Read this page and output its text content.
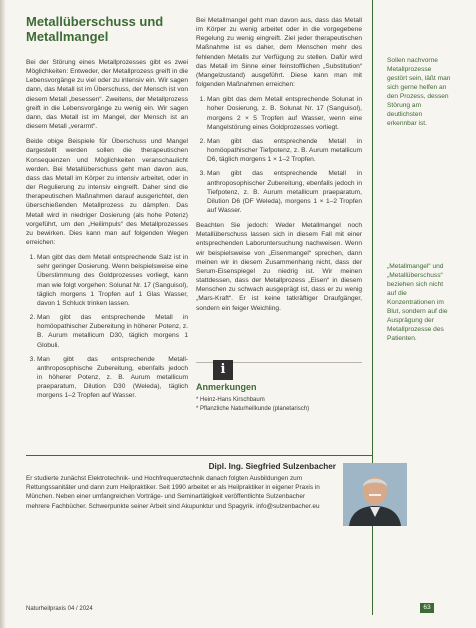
Metallüberschuss und Metallmangel

Bei der Störung eines Metallprozesses gibt es zwei Möglichkeiten: Entweder, der Metallprozess greift in die Lebensvorgänge zu viel oder zu intensiv ein. Wir sagen dann, das Metall ist im Überschuss, der Mensch ist von diesem Metall „besessen“. Zweitens, der Metallprozess greift in die Lebensvorgänge zu wenig ein. Wir sagen dann, das Metall ist im Mangel, der Mensch ist an diesem Metall „verarmt“.

Beide obige Beispiele für Überschuss und Mangel dargestellt werden sollen die therapeutischen Konsequenzen und Möglichkeiten veranschaulicht werden. Bei Metallüberschuss geht man davon aus, dass das Metall im Körper zu intensiv arbeitet, oder in der Regulierung zu intensiv eingreift. Daher sind die therapeutischen Maßnahmen darauf ausgerichtet, den überschießenden Metallprozess zu dämpfen. Das Metall wird in niedriger Dosierung (als hohe Potenz) vorgeführt, um den „Heilimpuls“ des Metallprozesses zu bewirken. Dies kann man auf folgenden Wegen erreichen:

1. Man gibt das dem Metall entsprechende Salz ist in sehr geringer Dosierung. Wenn beispielsweise eine Überstimmung des Goldprozesses vorliegt, kann man wie folgt vorgehen: Solunat Nr. 17 (Sanguisol), täglich morgens 1 Tropfen auf 1 Glas Wasser, davon 1 Schluck trinken lassen.
2. Man gibt das entsprechende Metall in homöopathischer Zubereitung in höherer Potenz, z. B. Aurum metallicum D30, täglich morgens 1 Globuli.
3. Man gibt das entsprechende Metall-anthroposophische Zubereitung, ebenfalls jedoch in höherer Potenz, z. B. Aurum metallicum praeparatum, Dilution D30 (Weleda), täglich morgens 1–2 Tropfen auf Wasser.

Bei Metallmangel geht man davon aus, dass das Metall im Körper zu wenig arbeitet oder in die vorgegebene Regelung zu wenig eingreift. Ziel jeder therapeutischen Maßnahme ist es daher, dem Menschen mehr des fehlenden Metalls zur Verfügung zu stellen. Dafür wird das Metall im Sinne einer feinstofflichen „Substitution“ (Mangelzustand) ausgeführt. Diese kann man mit folgenden Maßnahmen erreichen:

1. Man gibt das dem Metall entsprechende Solunat in hoher Dosierung, z. B. Solunat Nr. 17 (Sanguisol), morgens 2 × 5 Tropfen auf Wasser, wenn eine Mangelstörung eines Goldprozesses vorliegt.
2. Man gibt das entsprechende Metall in homöopathischer Tiefpotenz, z. B. Aurum metallicum D6, täglich morgens 1 × 1–2 Tropfen.
3. Man gibt das entsprechende Metall in anthroposophischer Zubereitung, ebenfalls jedoch in Tiefpotenz, z. B. Aurum metallicum praeparatum, Dilution D6 (DF Weleda), morgens 1 × 1–2 Tropfen auf Wasser.

Beachten Sie jedoch: Weder Metallmangel noch Metallüberschuss lassen sich in diesem Fall mit einer entsprechenden Laboruntersuchung nachweisen. Wenn wir beispielsweise von „Eisenmangel“ sprechen, dann meinen wir in diesem Zusammenhang nicht, dass der Serum-Eisenspiegel zu niedrig ist. Wir meinen stattdessen, dass der Metallprozess „Eisen“ in diesem Menschen zu schwach ausgeprägt ist, dass er zu wenig „Mars-Kraft“. Er ist keine tatkräftiger Draufgänger, sondern ein feiger Weichling.

Sollen nachvorne Metallprozesse gestört sein, läßt man sich gerne helfen an den Prozess, dessen Störung am deutlichsten erkennbar ist.
„Metallmangel“ und „Metallüberschuss“ beziehen sich nicht auf die Konzentrationen im Blut, sondern auf die Ausprägung der Metallprozesse des Patienten.
i
Anmerkungen
* Heinz-Hans Kirschbaum
* Pflanzliche Naturheilkunde (planetarisch)
Dipl. Ing. Siegfried Sulzenbacher

Er studierte zunächst Elektrotechnik- und Hochfrequenztechnik danach folgten Ausbildungen zum Rettungssanitäter und dann zum Heilpraktiker. Seit 1990 arbeitet er als Heilpraktiker in eigener Praxis in München. Neben einer umfangreichen Vorträge- und Seminartätigkeit veröffentlichte Sulzenbacher mehrere Fachbücher. Schwerpunkte seiner Arbeit sind Akupunktur und Spagyrik. info@sulzenbacher.eu

Naturheilpraxis 04 / 2024	63
